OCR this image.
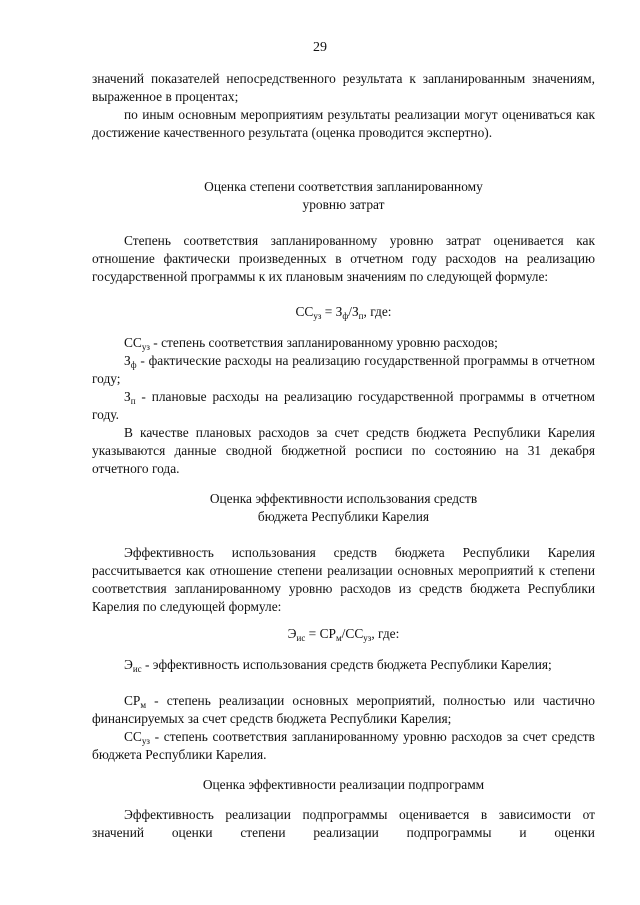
29
значений показателей непосредственного результата к запланированным значениям, выраженное в процентах;
по иным основным мероприятиям результаты реализации могут оцениваться как достижение качественного результата (оценка проводится экспертно).
Оценка степени соответствия запланированному
уровню затрат
Степень соответствия запланированному уровню затрат оценивается как отношение фактически произведенных в отчетном году расходов на реализацию государственной программы к их плановым значениям по следующей формуле:
$СС_{уз} = З_ф/З_п$, где:
$СС_{уз}$ - степень соответствия запланированному уровню расходов;
$З_ф$ - фактические расходы на реализацию государственной программы в отчетном году;
$З_п$ - плановые расходы на реализацию государственной программы в отчетном году.
В качестве плановых расходов за счет средств бюджета Республики Карелия указываются данные сводной бюджетной росписи по состоянию на 31 декабря отчетного года.
Оценка эффективности использования средств
бюджета Республики Карелия
Эффективность использования средств бюджета Республики Карелия рассчитывается как отношение степени реализации основных мероприятий к степени соответствия запланированному уровню расходов из средств бюджета Республики Карелия по следующей формуле:
$Э_{ис} = СР_м/СС_{уз}$, где:
$Э_{ис}$ - эффективность использования средств бюджета Республики Карелия;
$СР_м$ - степень реализации основных мероприятий, полностью или частично финансируемых за счет средств бюджета Республики Карелия;
$СС_{уз}$ - степень соответствия запланированному уровню расходов за счет средств бюджета Республики Карелия.
Оценка эффективности реализации подпрограмм
Эффективность реализации подпрограммы оценивается в зависимости от
значений оценки степени реализации подпрограммы и оценки
